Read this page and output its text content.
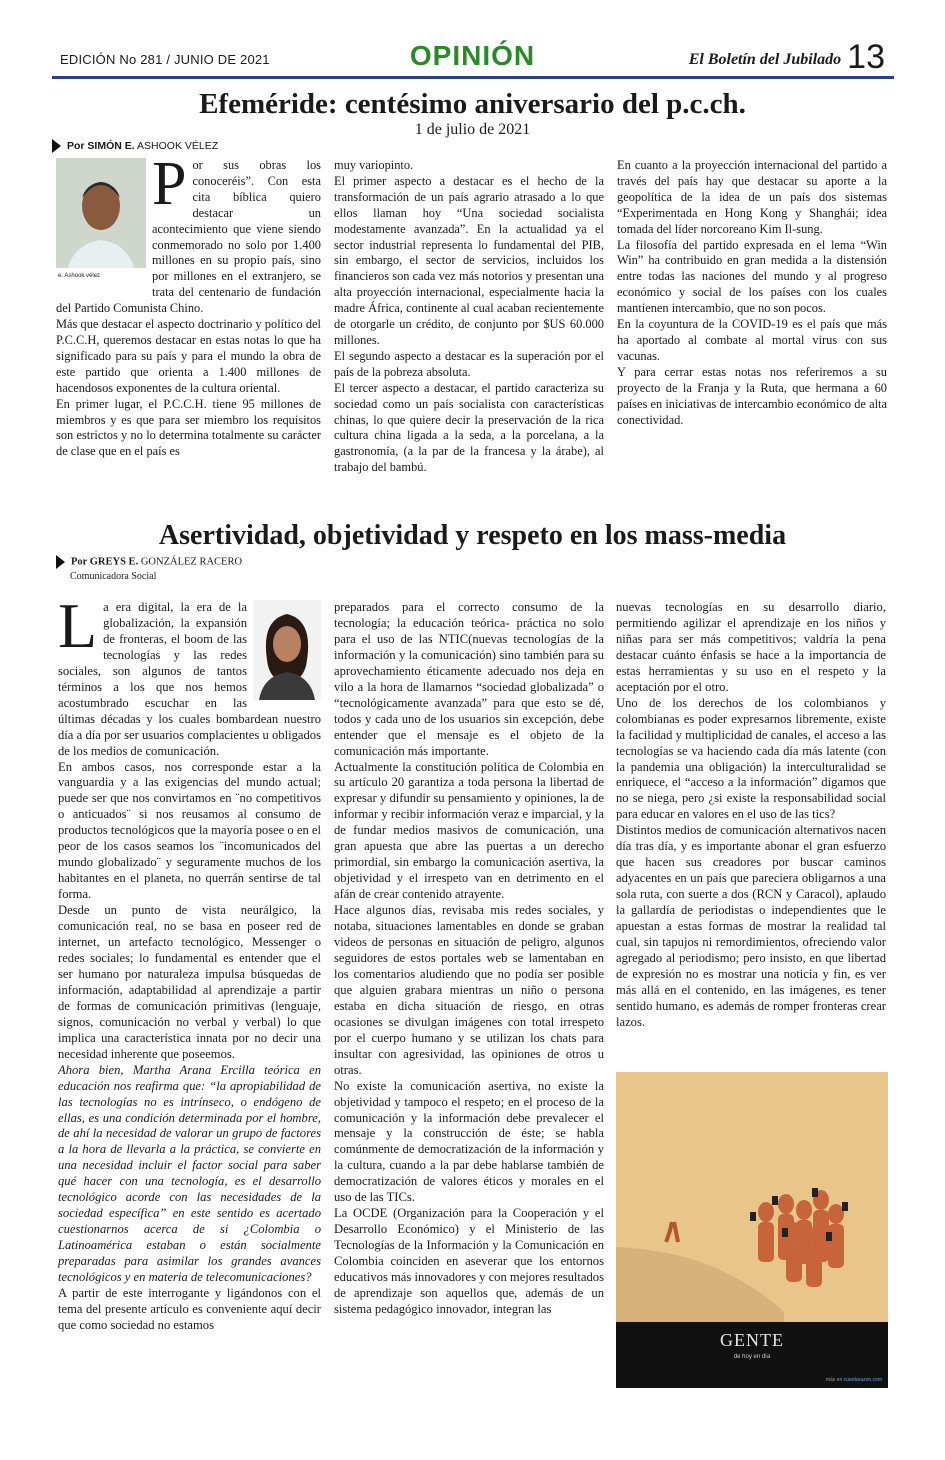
EDICIÓN No 281 / JUNIO DE 2021	OPINIÓN	El Boletín del Jubilado 13
Efeméride: centésimo aniversario del p.c.ch.
1 de julio de 2021
Por SIMÓN E. ASHOOK VÉLEZ
e. Ashook vélez
P or sus obras los conoceréis”. Con esta cita bíblica quiero destacar un acontecimiento que viene siendo conmemorado no solo por 1.400 millones en su propio país, sino por millones en el extranjero, se trata del centenario de fundación del Partido Comunista Chino.

Más que destacar el aspecto doctrinario y político del P.C.C.H, queremos destacar en estas notas lo que ha significado para su país y para el mundo la obra de este partido que orienta a 1.400 millones de hacendosos exponentes de la cultura oriental.

En primer lugar, el P.C.C.H. tiene 95 millones de miembros y es que para ser miembro los requisitos son estrictos y no lo determina totalmente su carácter de clase que en el país es

muy variopinto.

El primer aspecto a destacar es el hecho de la transformación de un país agrario atrasado a lo que ellos llaman hoy “Una sociedad socialista modestamente avanzada”. En la actualidad ya el sector industrial representa lo fundamental del PIB, sin embargo, el sector de servicios, incluidos los financieros son cada vez más notorios y presentan una alta proyección internacional, especialmente hacia la madre África, continente al cual acaban recientemente de otorgarle un crédito, de conjunto por $US 60.000 millones.

El segundo aspecto a destacar es la superación por el país de la pobreza absoluta.

El tercer aspecto a destacar, el partido caracteriza su sociedad como un país socialista con características chinas, lo que quiere decir la preservación de la rica cultura china ligada a la seda, a la porcelana, a la gastronomía, (a la par de la francesa y la árabe), al trabajo del bambú.

En cuanto a la proyección internacional del partido a través del país hay que destacar su aporte a la geopolítica de la idea de un país dos sistemas “Experimentada en Hong Kong y Shanghái; idea tomada del líder norcoreano Kim Il-sung.

La filosofía del partido expresada en el lema “Win Win” ha contribuido en gran medida a la distensión entre todas las naciones del mundo y al progreso económico y social de los países con los cuales mantienen intercambio, que no son pocos.

En la coyuntura de la COVID-19 es el país que más ha aportado al combate al mortal virus con sus vacunas.

Y para cerrar estas notas nos referiremos a su proyecto de la Franja y la Ruta, que hermana a 60 países en iniciativas de intercambio económico de alta conectividad.

Asertividad, objetividad y respeto en los mass-media
Por GREYS E. GONZÁLEZ RACERO
Comunicadora Social
L a era digital, la era de la globalización, la expansión de fronteras, el boom de las tecnologías y las redes sociales, son algunos de tantos términos a los que nos hemos acostumbrado escuchar en las últimas décadas y los cuales bombardean nuestro día a día por ser usuarios complacientes u obligados de los medios de comunicación.

En ambos casos, nos corresponde estar a la vanguardia y a las exigencias del mundo actual; puede ser que nos convirtamos en ¨no competitivos o anticuados¨ si nos reusamos al consumo de productos tecnológicos que la mayoría posee o en el peor de los casos seamos los ¨incomunicados del mundo globalizado¨ y seguramente muchos de los habitantes en el planeta, no querrán sentirse de tal forma.

Desde un punto de vista neurálgico, la comunicación real, no se basa en poseer red de internet, un artefacto tecnológico, Messenger o redes sociales; lo fundamental es entender que el ser humano por naturaleza impulsa búsquedas de información, adaptabilidad al aprendizaje a partir de formas de comunicación primitivas (lenguaje, signos, comunicación no verbal y verbal) lo que implica una característica innata por no decir una necesidad inherente que poseemos.

Ahora bien, Martha Arana Ercilla teórica en educación nos reafirma que: “la apropiabilidad de las tecnologías no es intrínseco, o endógeno de ellas, es una condición determinada por el hombre, de ahí la necesidad de valorar un grupo de factores a la hora de llevarla a la práctica, se convierte en una necesidad incluir el factor social para saber qué hacer con una tecnología, es el desarrollo tecnológico acorde con las necesidades de la sociedad específica” en este sentido es acertado cuestionarnos acerca de si ¿Colombia o Latinoamérica estaban o están socialmente preparadas para asimilar los grandes avances tecnológicos y en materia de telecomunicaciones?

A partir de este interrogante y ligándonos con el tema del presente artículo es conveniente aquí decir que como sociedad no estamos

preparados para el correcto consumo de la tecnología; la educación teórica- práctica no solo para el uso de las NTIC(nuevas tecnologías de la información y la comunicación) sino también para su aprovechamiento éticamente adecuado nos deja en vilo a la hora de llamarnos “sociedad globalizada” o “tecnológicamente avanzada” para que esto se dé, todos y cada uno de los usuarios sin excepción, debe entender que el mensaje es el objeto de la comunicación más importante.

Actualmente la constitución política de Colombia en su artículo 20 garantiza a toda persona la libertad de expresar y difundir su pensamiento y opiniones, la de informar y recibir información veraz e imparcial, y la de fundar medios masivos de comunicación, una gran apuesta que abre las puertas a un derecho primordial, sin embargo la comunicación asertiva, la objetividad y el irrespeto van en detrimento en el afán de crear contenido atrayente.

Hace algunos días, revisaba mis redes sociales, y notaba, situaciones lamentables en donde se graban videos de personas en situación de peligro, algunos seguidores de estos portales web se lamentaban en los comentarios aludiendo que no podía ser posible que alguien grabara mientras un niño o persona estaba en dicha situación de riesgo, en otras ocasiones se divulgan imágenes con total irrespeto por el cuerpo humano y se utilizan los chats para insultar con agresividad, las opiniones de otros u otras.

No existe la comunicación asertiva, no existe la objetividad y tampoco el respeto; en el proceso de la comunicación y la información debe prevalecer el mensaje y la construcción de éste; se habla comúnmente de democratización de la información y la cultura, cuando a la par debe hablarse también de democratización de valores éticos y morales en el uso de las TICs.

La OCDE (Organización para la Cooperación y el Desarrollo Económico) y el Ministerio de las Tecnologías de la Información y la Comunicación en Colombia coinciden en aseverar que los entornos educativos más innovadores y con mejores resultados de aprendizaje son aquellos que, además de un sistema pedagógico innovador, integran las

nuevas tecnologías en su desarrollo diario, permitiendo agilizar el aprendizaje en los niños y niñas para ser más competitivos; valdría la pena destacar cuánto énfasis se hace a la importancia de estas herramientas y su uso en el respeto y la aceptación por el otro.

Uno de los derechos de los colombianos y colombianas es poder expresarnos libremente, existe la facilidad y multiplicidad de canales, el acceso a las tecnologías se va haciendo cada día más latente (con la pandemia una obligación) la interculturalidad se enriquece, el “acceso a la información” digamos que no se niega, pero ¿si existe la responsabilidad social para educar en valores en el uso de las tics?

Distintos medios de comunicación alternativos nacen día tras día, y es importante abonar el gran esfuerzo que hacen sus creadores por buscar caminos adyacentes en un país que pareciera obligarnos a una sola ruta, con suerte a dos (RCN y Caracol), aplaudo la gallardía de periodistas o independientes que le apuestan a estas formas de mostrar la realidad tal cual, sin tapujos ni remordimientos, ofreciendo valor agregado al periodismo; pero insisto, en que libertad de expresión no es mostrar una noticia y fin, es ver más allá en el contenido, en las imágenes, es tener sentido humano, es además de romper fronteras crear lazos.

GENTE
de hoy en día
más en cuantarazon.com
